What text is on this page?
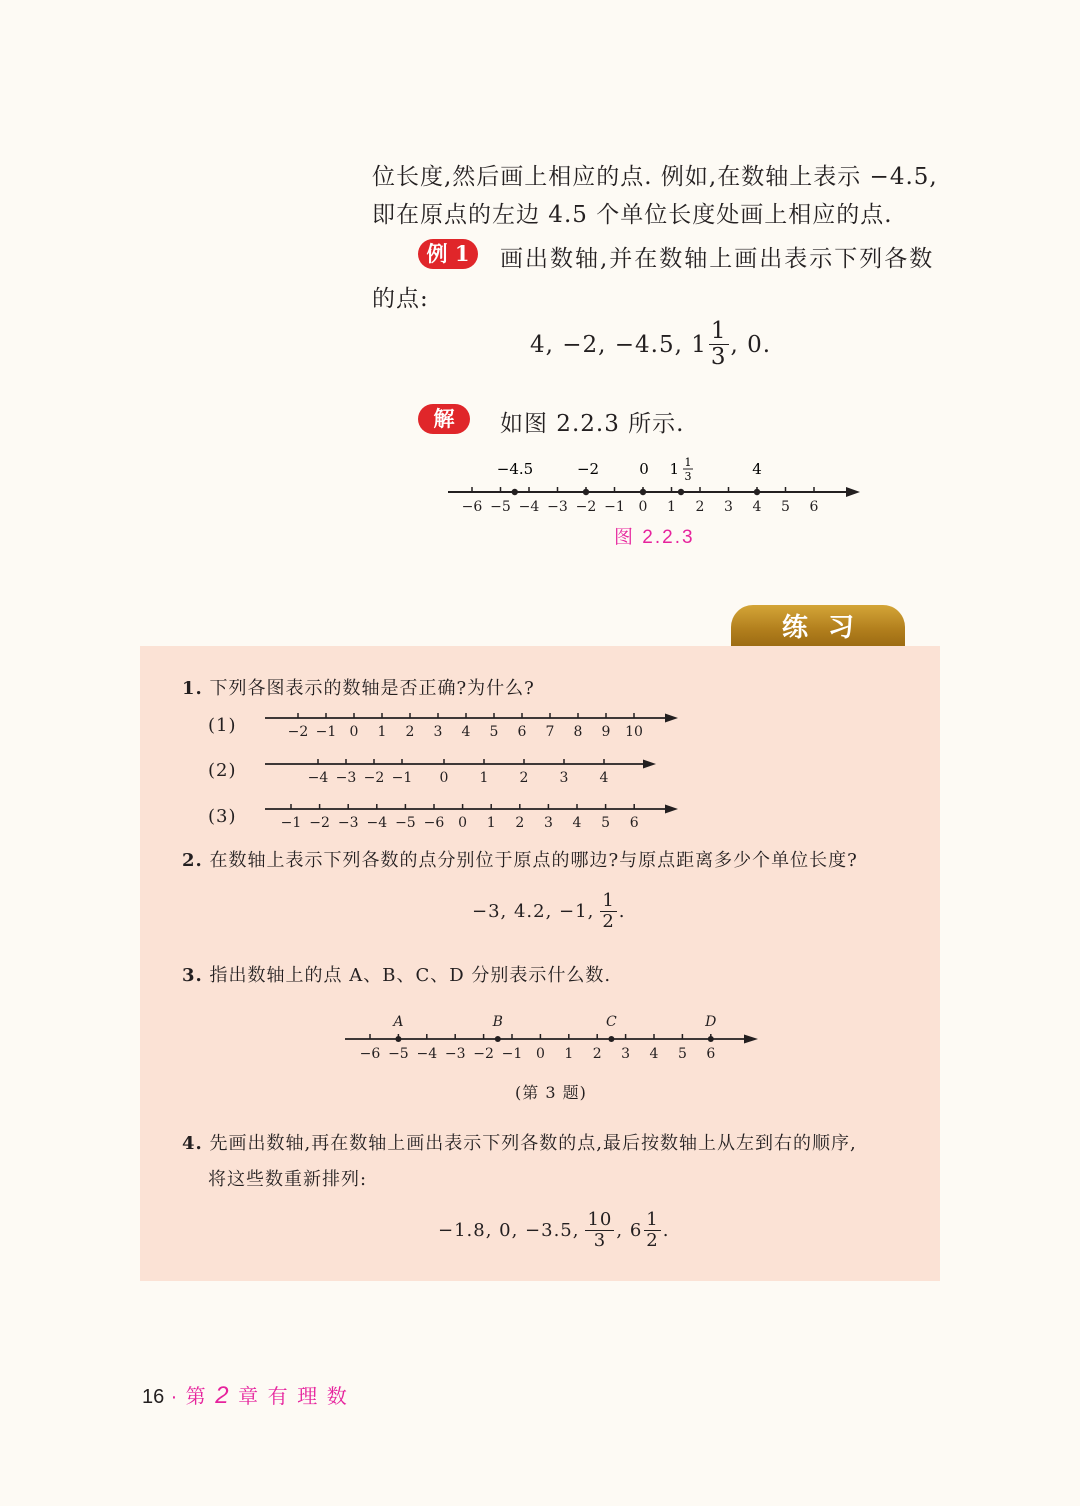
位长度,然后画上相应的点. 例如,在数轴上表示 −4.5,
即在原点的左边 4.5 个单位长度处画上相应的点.
例 1	画出数轴,并在数轴上画出表示下列各数
的点:
4, −2, −4.5, $1 \frac{1}{3}$ , 0.
解	如图 2.2.3 所示.
−6 −5 −4 −3 −2 −1 0 1 2 3 4 5 6
−4.5	−2	0 1 1
3	4
图 2.2.3
练习
1. 下列各图表示的数轴是否正确?为什么?
(1)
(2)
(3)
−2 −1 0 1 2 3 4 5 6 7 8 9 10
−4 −3 −2 −1 0 1 2 3 4
−1 −2 −3 −4 −5 −6 0 1 2 3 4 5 6
2. 在数轴上表示下列各数的点分别位于原点的哪边?与原点距离多少个单位长度?
−3, 4.2, −1, $\frac{1}{2}$ .
3. 指出数轴上的点 A、B、C、D 分别表示什么数.
−6 −5 −4 −3 −2 −1 0 1 2 3 4 5 6
A	B	C	D
(第 3 题)
4. 先画出数轴,再在数轴上画出表示下列各数的点,最后按数轴上从左到右的顺序,
将这些数重新排列:
−1.8, 0, −3.5, $\frac{10}{3}$ , $6 \frac{1}{2}$ .
16 · 第 2 章 有 理 数
